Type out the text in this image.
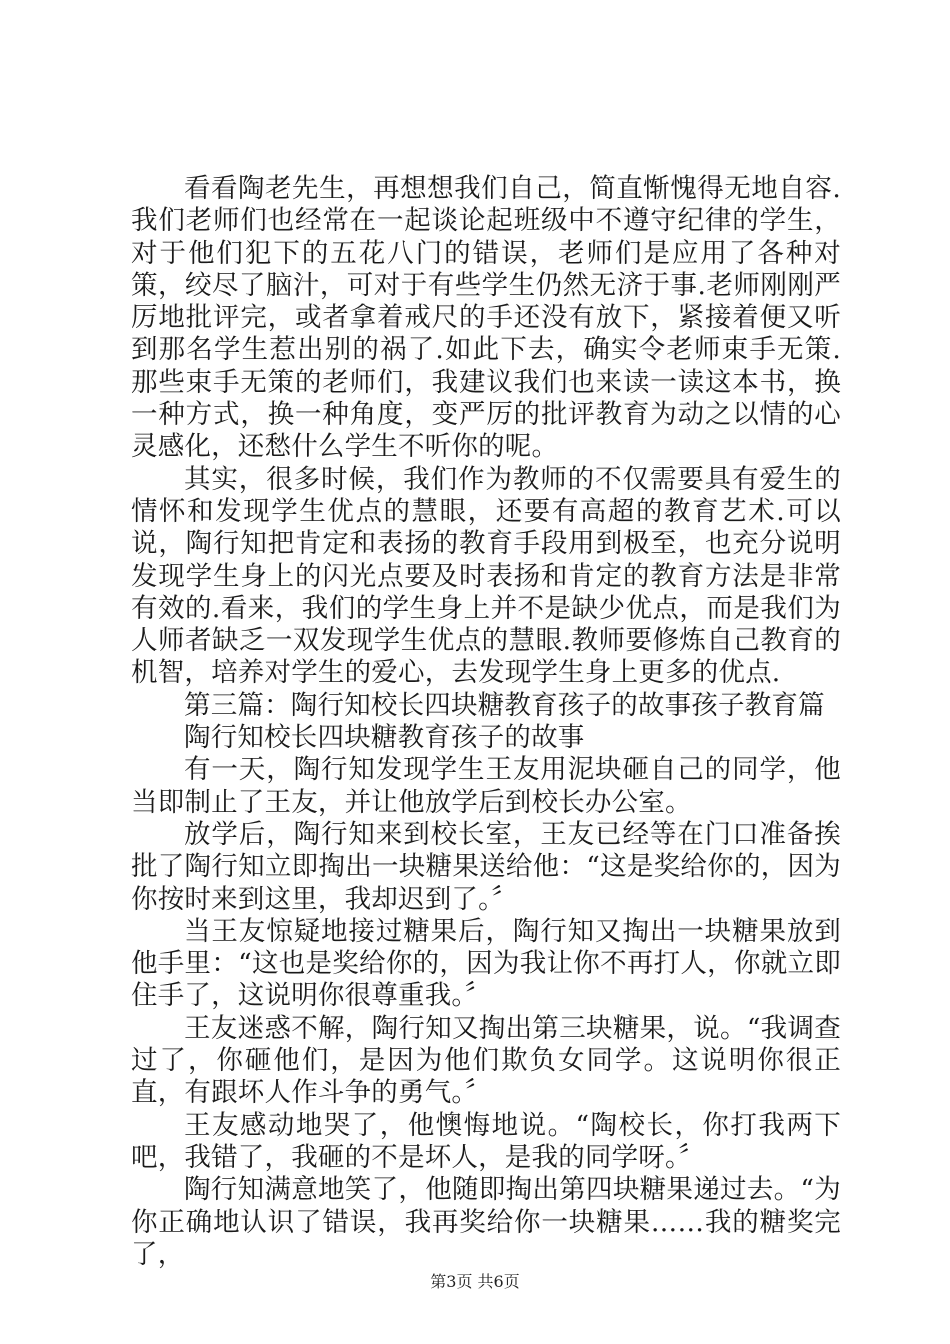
看看陶老先生，再想想我们自己，简直惭愧得无地自容.我们老师们也经常在一起谈论起班级中不遵守纪律的学生，对于他们犯下的五花八门的错误，老师们是应用了各种对策，绞尽了脑汁，可对于有些学生仍然无济于事.老师刚刚严厉地批评完，或者拿着戒尺的手还没有放下，紧接着便又听到那名学生惹出别的祸了.如此下去，确实令老师束手无策.那些束手无策的老师们，我建议我们也来读一读这本书，换一种方式，换一种角度，变严厉的批评教育为动之以情的心灵感化，还愁什么学生不听你的呢。

其实，很多时候，我们作为教师的不仅需要具有爱生的情怀和发现学生优点的慧眼，还要有高超的教育艺术.可以说，陶行知把肯定和表扬的教育手段用到极至，也充分说明发现学生身上的闪光点要及时表扬和肯定的教育方法是非常有效的.看来，我们的学生身上并不是缺少优点，而是我们为人师者缺乏一双发现学生优点的慧眼.教师要修炼自己教育的机智，培养对学生的爱心，去发现学生身上更多的优点.

第三篇：陶行知校长四块糖教育孩子的故事孩子教育篇

陶行知校长四块糖教育孩子的故事

有一天，陶行知发现学生王友用泥块砸自己的同学，他当即制止了王友，并让他放学后到校长办公室。

放学后，陶行知来到校长室，王友已经等在门口准备挨批了陶行知立即掏出一块糖果送给他：“这是奖给你的，因为你按时来到这里，我却迟到了。〞

当王友惊疑地接过糖果后，陶行知又掏出一块糖果放到他手里：“这也是奖给你的，因为我让你不再打人，你就立即住手了，这说明你很尊重我。〞

王友迷惑不解，陶行知又掏出第三块糖果，说。“我调查过了，你砸他们，是因为他们欺负女同学。这说明你很正直，有跟坏人作斗争的勇气。〞

王友感动地哭了，他懊悔地说。“陶校长，你打我两下吧，我错了，我砸的不是坏人，是我的同学呀。〞

陶行知满意地笑了，他随即掏出第四块糖果递过去。“为你正确地认识了错误，我再奖给你一块糖果……我的糖奖完了，

第3页 共6页
